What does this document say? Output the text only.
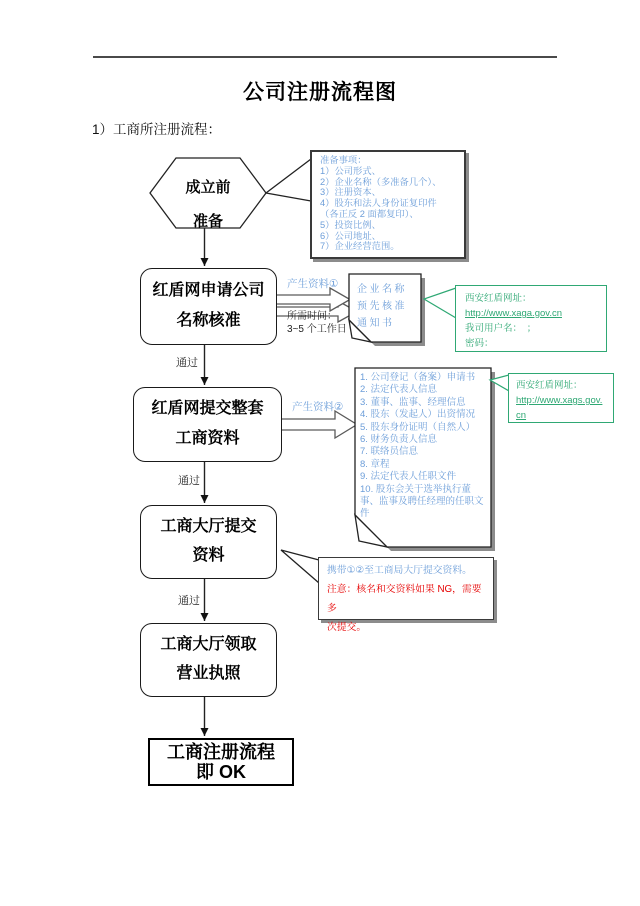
公司注册流程图
1）工商所注册流程：
成立前
准备
准备事项：
1）公司形式、
2）企业名称（多准备几个）、
3）注册资本、
4）股东和法人身份证复印件
（各正反 2 面都复印）、
5）投资比例、
6）公司地址、
7）企业经营范围。
红盾网申请公司
名称核准
红盾网提交整套
工商资料
工商大厅提交
资料
工商大厅领取
营业执照
工商注册流程
即 OK
通过
通过
通过
产生资料①
所需时间：
3~5 个工作日
产生资料②
企业名称
预先核准
通知书
1. 公司登记（备案）申请书
2. 法定代表人信息
3. 董事、监事、经理信息
4. 股东（发起人）出资情况
5. 股东身份证明（自然人）
6. 财务负责人信息
7. 联络员信息
8. 章程
9. 法定代表人任职文件
10. 股东会关于选举执行董事、监事及聘任经理的任职文件
西安红盾网址：
http://www.xaga.gov.cn
我司用户名：　；
密码：
西安红盾网址：
http://www.xags.gov.cn
携带①②至工商局大厅提交资料。
注意：核名和交资料如果 NG，需要多
次提交。
